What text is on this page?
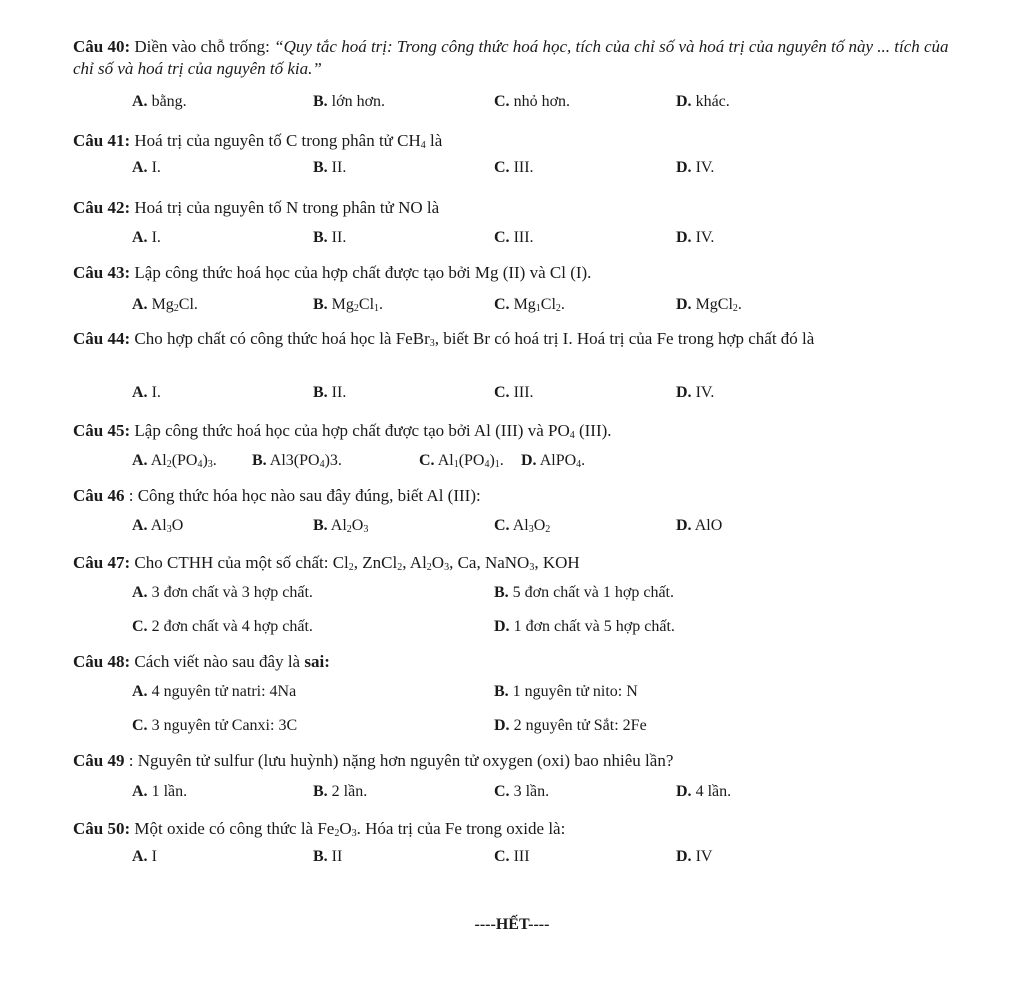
Câu 40: Diền vào chỗ trống: “Quy tắc hoá trị: Trong công thức hoá học, tích của chỉ số và hoá trị của nguyên tố này ... tích của chỉ số và hoá trị của nguyên tố kia.”
A. bằng.	B. lớn hơn.	C. nhỏ hơn.	D. khác.
Câu 41: Hoá trị của nguyên tố C trong phân tử $CH_4$ là
A. I.	B. II.	C. III.	D. IV.
Câu 42: Hoá trị của nguyên tố N trong phân tử NO là
A. I.	B. II.	C. III.	D. IV.
Câu 43: Lập công thức hoá học của hợp chất được tạo bởi Mg (II) và Cl (I).
A. $Mg_2Cl$.	B. $Mg_2Cl_1$.	C. $Mg_1Cl_2$.	D. MgCl$_2$.
Câu 44: Cho hợp chất có công thức hoá học là FeBr$_3$, biết Br có hoá trị I. Hoá trị của Fe trong hợp chất đó là
A. I.	B. II.	C. III.	D. IV.
Câu 45: Lập công thức hoá học của hợp chất được tạo bởi Al (III) và $PO_4$ (III).
A. $Al_2(PO_4)_3$. B. $Al3(PO_4)3$.	C. $Al_1(PO_4)_1$. D. AlPO$_4$.
Câu 46 : Công thức hóa học nào sau đây đúng, biết Al (III):
A. $Al_3O$	B. $Al_2O_3$	C. $Al_3O_2$	D. AlO
Câu 47: Cho CTHH của một số chất: $Cl_2$, ZnCl$_2$, $Al_2O_3$, Ca, NaNO$_3$, KOH
A. 3 đơn chất và 3 hợp chất.	B. 5 đơn chất và 1 hợp chất.
C. 2 đơn chất và 4 hợp chất.	D. 1 đơn chất và 5 hợp chất.
Câu 48: Cách viết nào sau đây là sai:
A. 4 nguyên tử natri: 4Na	B. 1 nguyên tử nito: N
C. 3 nguyên tử Canxi: 3C	D. 2 nguyên tử Sắt: 2Fe
Câu 49 : Nguyên tử sulfur (lưu huỳnh) nặng hơn nguyên tử oxygen (oxi) bao nhiêu lần?
A. 1 lần.	B. 2 lần.	C. 3 lần.	D. 4 lần.
Câu 50: Một oxide có công thức là $Fe_2O_3$. Hóa trị của Fe trong oxide là:
A. I	B. II	C. III	D. IV
----HẾT----
